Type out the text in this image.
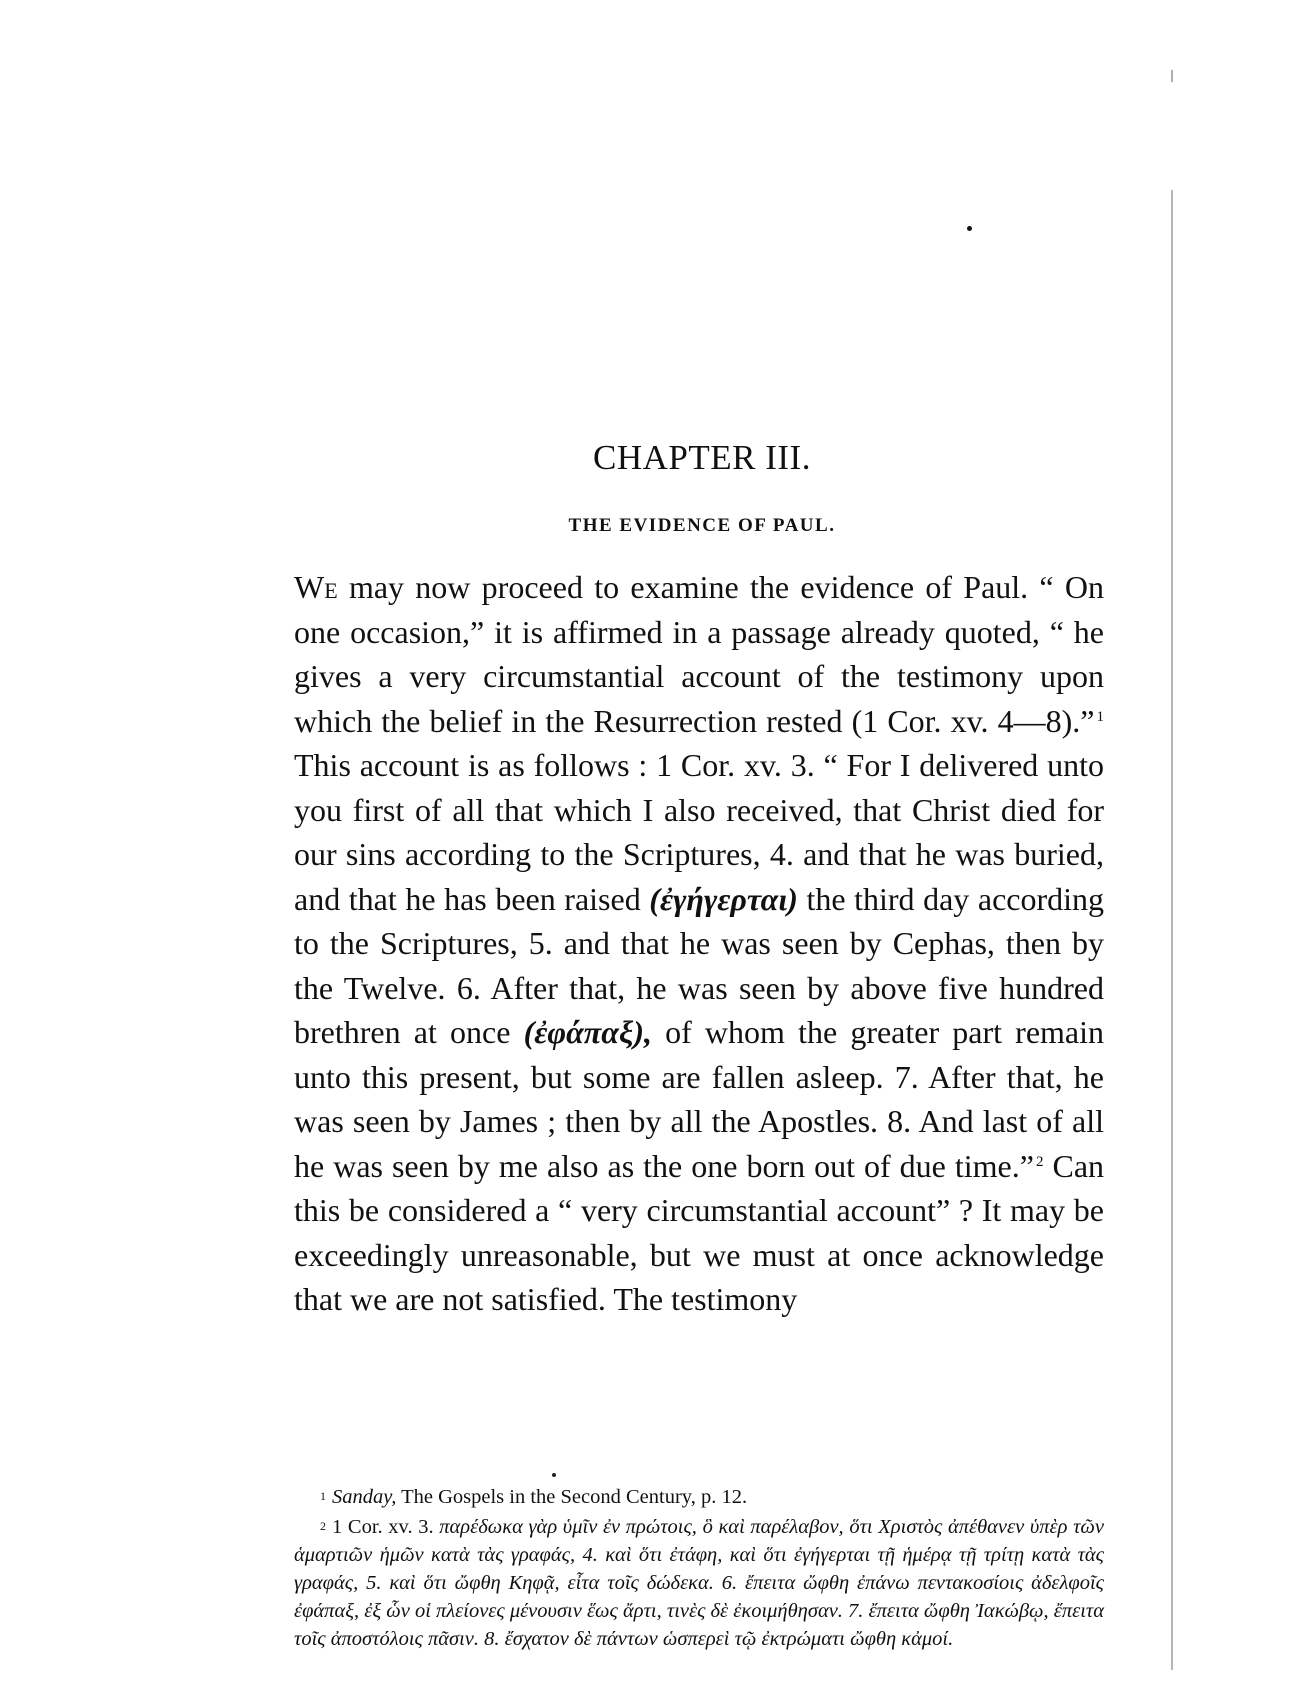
CHAPTER III.
THE EVIDENCE OF PAUL.

We may now proceed to examine the evidence of Paul. “ On one occasion,” it is affirmed in a passage already quoted, “ he gives a very circumstantial account of the testimony upon which the belief in the Resurrection rested (1 Cor. xv. 4—8).” $^1$ This account is as follows : 1 Cor. xv. 3. “ For I delivered unto you first of all that which I also received, that Christ died for our sins according to the Scriptures, 4. and that he was buried, and that he has been raised (ἐγήγερται) the third day according to the Scriptures, 5. and that he was seen by Cephas, then by the Twelve. 6. After that, he was seen by above five hundred brethren at once (ἐφάπαξ), of whom the greater part remain unto this present, but some are fallen asleep. 7. After that, he was seen by James ; then by all the Apostles. 8. And last of all he was seen by me also as the one born out of due time.” $^2$ Can this be considered a “ very circumstantial account” ? It may be exceedingly unreasonable, but we must at once acknowledge that we are not satisfied. The testimony

$^1$ Sanday, The Gospels in the Second Century, p. 12.

$^2$ 1 Cor. xv. 3. παρέδωκα γὰρ ὑμῖν ἐν πρώτοις, ὃ καὶ παρέλαβον, ὅτι Χριστὸς ἀπέθανεν ὑπὲρ τῶν ἁμαρτιῶν ἡμῶν κατὰ τὰς γραφάς, 4. καὶ ὅτι ἐτάφη, καὶ ὅτι ἐγήγερται τῇ ἡμέρᾳ τῇ τρίτῃ κατὰ τὰς γραφάς, 5. καὶ ὅτι ὤφθη Κηφᾷ, εἶτα τοῖς δώδεκα. 6. ἔπειτα ὤφθη ἐπάνω πεντακοσίοις ἀδελφοῖς ἐφάπαξ, ἐξ ὧν οἱ πλείονες μένουσιν ἕως ἄρτι, τινὲς δὲ ἐκοιμήθησαν. 7. ἔπειτα ὤφθη Ἰακώβῳ, ἔπειτα τοῖς ἀποστόλοις πᾶσιν. 8. ἔσχατον δὲ πάντων ὡσπερεὶ τῷ ἐκτρώματι ὤφθη κἀμοί.
